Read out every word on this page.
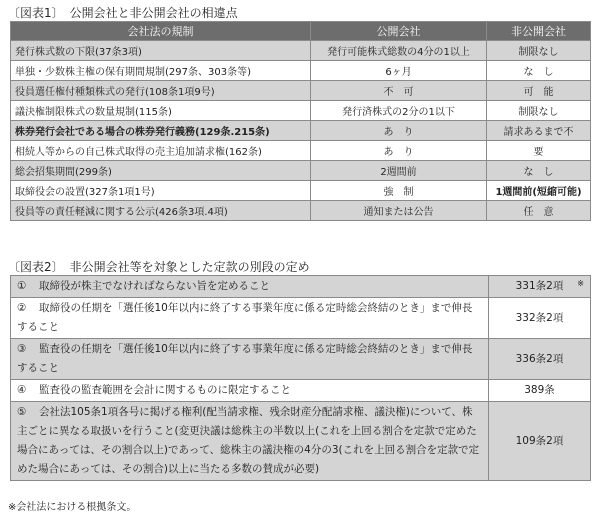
〔図表1〕　公開会社と非公開会社の相違点
会社法の規制	公開会社	非公開会社
発行株式数の下限(37条3項)	発行可能株式総数の4分の1以上	制限なし
単独・少数株主権の保有期間規制(297条、303条等)	6ヶ月	な　し
役員選任権付種類株式の発行(108条1項9号)	不　可	可　能
議決権制限株式の数量規制(115条)	発行済株式の2分の1以下	制限なし
株券発行会社である場合の株券発行義務(129条.215条)	あ　り	請求あるまで不
相続人等からの自己株式取得の売主追加請求権(162条)	あ　り	要
総会招集期間(299条)	2週間前	な　し
取締役会の設置(327条1項1号)	強　制	1週間前(短縮可能)
役員等の責任軽減に関する公示(426条3項.4項)	通知または公告	任　意
〔図表2〕　非公開会社等を対象とした定款の別段の定め
① 取締役が株主でなければならない旨を定めること	331条2項 ※

② 取締役の任期を「選任後10年以内に終了する事業年度に係る定時総会終結のとき」まで伸長すること	332条2項
③ 監査役の任期を「選任後10年以内に終了する事業年度に係る定時総会終結のとき」まで伸長すること	336条2項
④ 監査役の監査範囲を会計に関するものに限定すること	389条
⑤ 会社法105条1項各号に掲げる権利(配当請求権、残余財産分配請求権、議決権)について、株主ごとに異なる取扱いを行うこと(変更決議は総株主の半数以上(これを上回る割合を定款で定めた場合にあっては、その割合以上)であって、総株主の議決権の4分の3(これを上回る割合を定款で定めた場合にあっては、その割合)以上に当たる多数の賛成が必要)	109条2項
※会社法における根拠条文。
